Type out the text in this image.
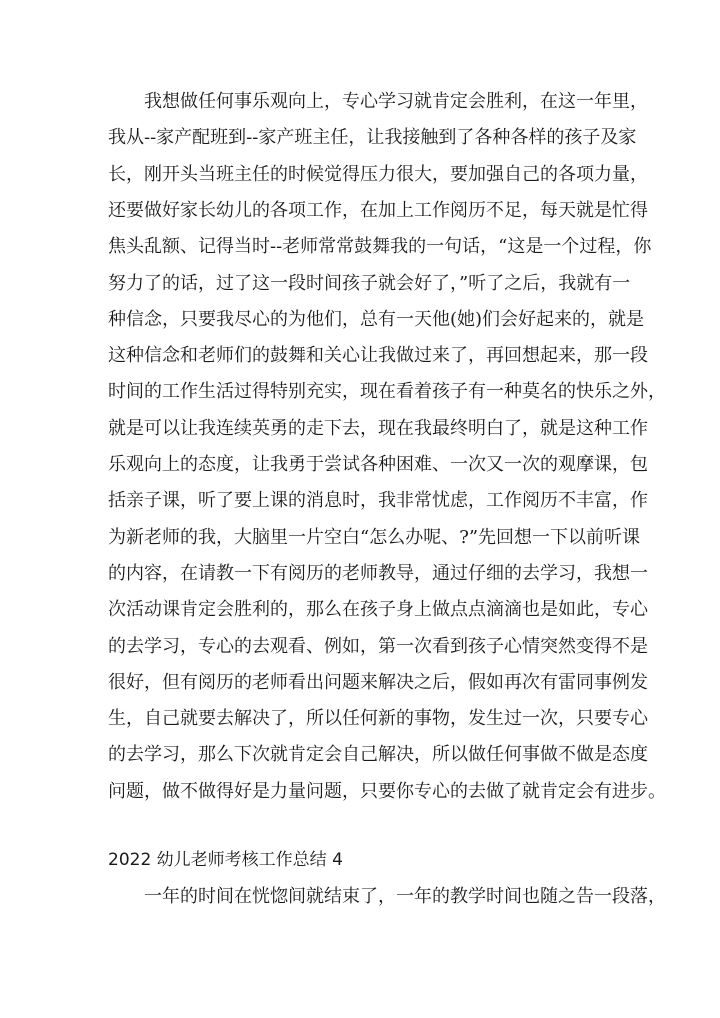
我想做任何事乐观向上，专心学习就肯定会胜利，在这一年里，
我从--家产配班到--家产班主任，让我接触到了各种各样的孩子及家
长，刚开头当班主任的时候觉得压力很大，要加强自己的各项力量，
还要做好家长幼儿的各项工作，在加上工作阅历不足，每天就是忙得
焦头乱额、记得当时--老师常常鼓舞我的一句话，“这是一个过程，你
努力了的话，过了这一段时间孩子就会好了，”听了之后，我就有一
种信念，只要我尽心的为他们，总有一天他(她)们会好起来的，就是
这种信念和老师们的鼓舞和关心让我做过来了，再回想起来，那一段
时间的工作生活过得特别充实，现在看着孩子有一种莫名的快乐之外，
就是可以让我连续英勇的走下去，现在我最终明白了，就是这种工作
乐观向上的态度，让我勇于尝试各种困难、一次又一次的观摩课，包
括亲子课，听了要上课的消息时，我非常忧虑，工作阅历不丰富，作
为新老师的我，大脑里一片空白“怎么办呢、?”先回想一下以前听课
的内容，在请教一下有阅历的老师教导，通过仔细的去学习，我想一
次活动课肯定会胜利的，那么在孩子身上做点点滴滴也是如此，专心
的去学习，专心的去观看、例如，第一次看到孩子心情突然变得不是
很好，但有阅历的老师看出问题来解决之后，假如再次有雷同事例发
生，自己就要去解决了，所以任何新的事物，发生过一次，只要专心
的去学习，那么下次就肯定会自己解决，所以做任何事做不做是态度
问题，做不做得好是力量问题，只要你专心的去做了就肯定会有进步。
2022 幼儿老师考核工作总结 4
一年的时间在恍惚间就结束了，一年的教学时间也随之告一段落，
